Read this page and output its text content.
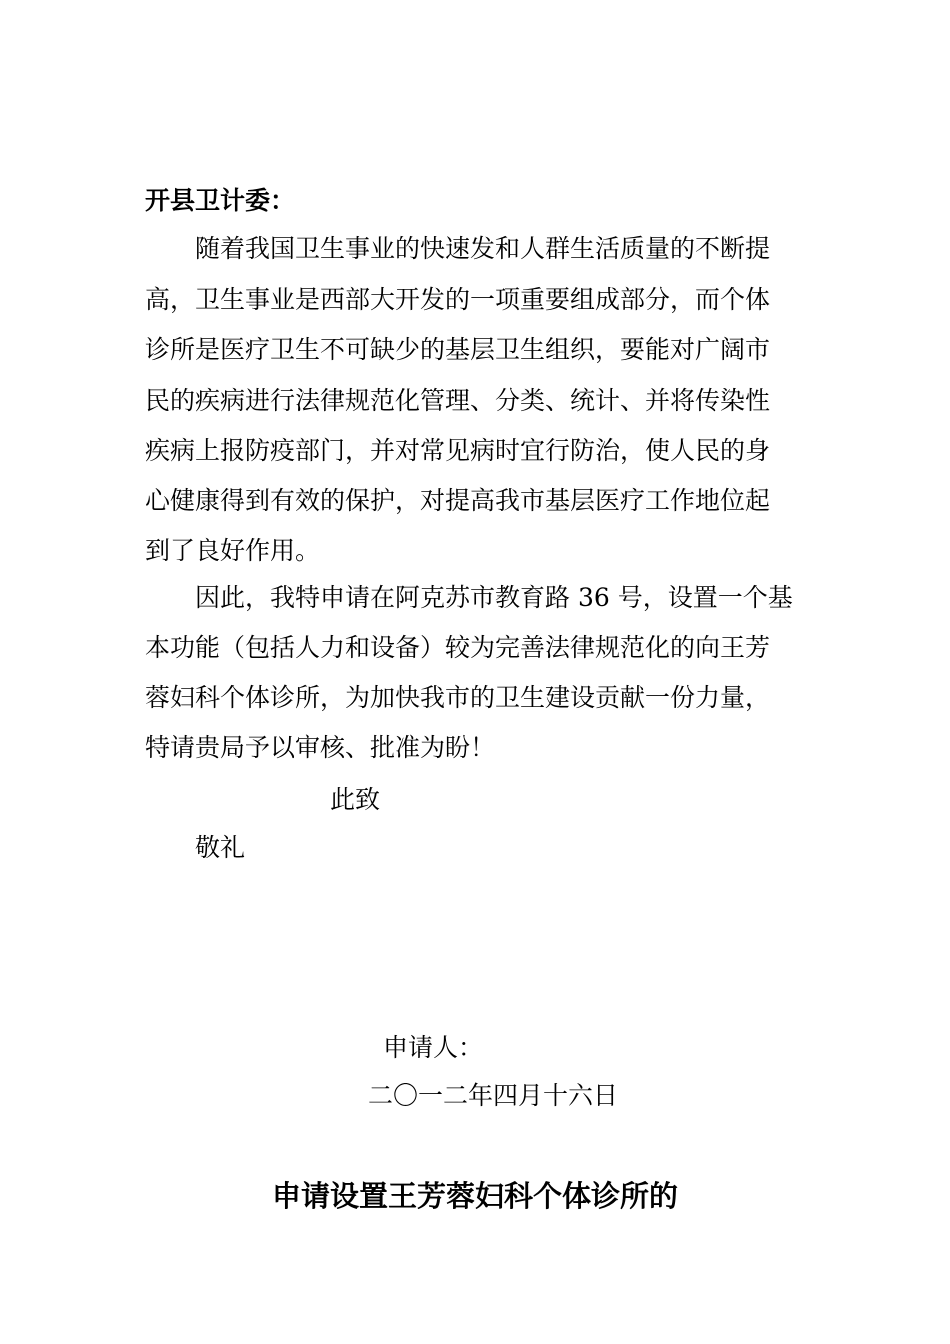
开县卫计委：
　　随着我国卫生事业的快速发和人群生活质量的不断提
高，卫生事业是西部大开发的一项重要组成部分，而个体
诊所是医疗卫生不可缺少的基层卫生组织，要能对广阔市
民的疾病进行法律规范化管理、分类、统计、并将传染性
疾病上报防疫部门，并对常见病时宜行防治，使人民的身
心健康得到有效的保护，对提高我市基层医疗工作地位起
到了良好作用。
　　因此，我特申请在阿克苏市教育路 36 号，设置一个基
本功能（包括人力和设备）较为完善法律规范化的向王芳
蓉妇科个体诊所，为加快我市的卫生建设贡献一份力量，
特请贵局予以审核、批准为盼！
此致
敬礼
申请人：
二〇一二年四月十六日
申请设置王芳蓉妇科个体诊所的
